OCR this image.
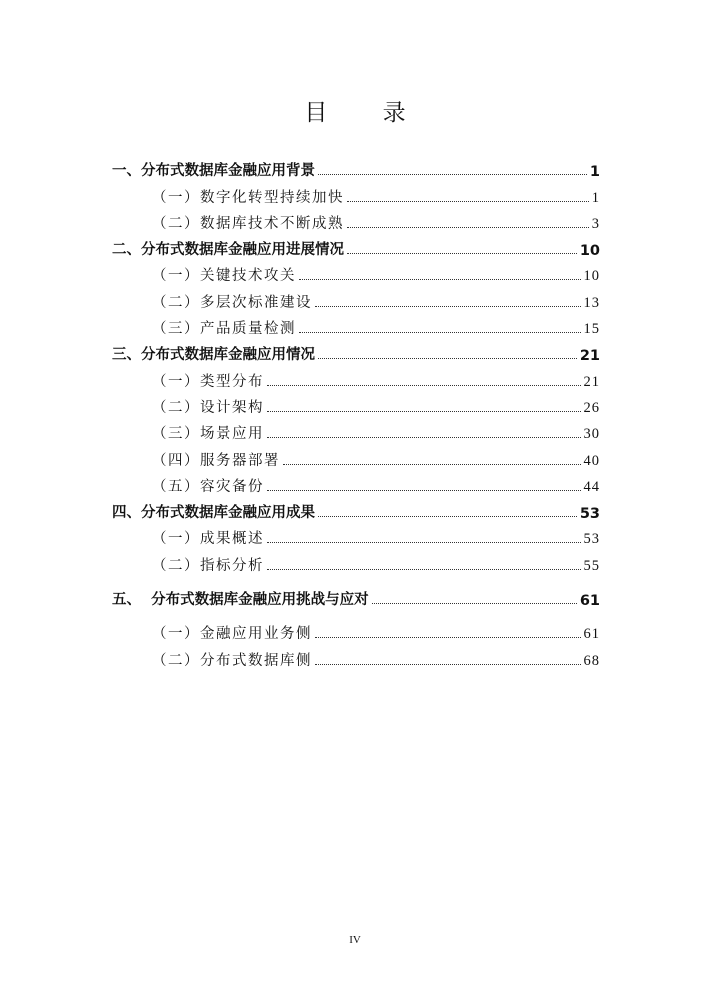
目 录
一、分布式数据库金融应用背景	1
（一）数字化转型持续加快	1
（二）数据库技术不断成熟	3
二、分布式数据库金融应用进展情况	10
（一）关键技术攻关	10
（二）多层次标准建设	13
（三）产品质量检测	15
三、分布式数据库金融应用情况	21
（一）类型分布	21
（二）设计架构	26
（三）场景应用	30
（四）服务器部署	40
（五）容灾备份	44
四、分布式数据库金融应用成果	53
（一）成果概述	53
（二）指标分析	55
五、  分布式数据库金融应用挑战与应对	61
（一）金融应用业务侧	61
（二）分布式数据库侧	68
IV
